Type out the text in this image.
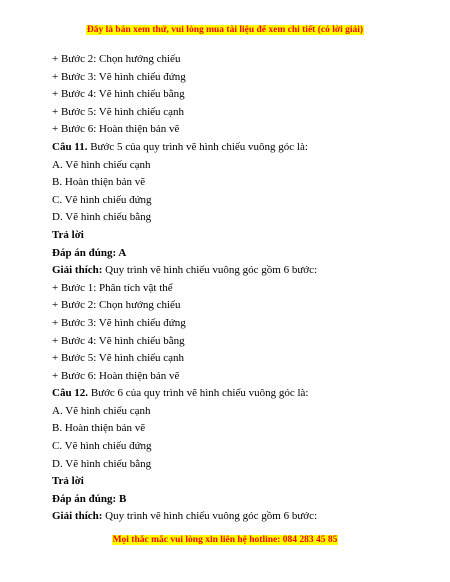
Đây là bản xem thử, vui lòng mua tài liệu để xem chi tiết (có lời giải)
+ Bước 2: Chọn hướng chiếu
+ Bước 3: Vẽ hình chiếu đứng
+ Bước 4: Vẽ hình chiếu bằng
+ Bước 5: Vẽ hình chiếu cạnh
+ Bước 6: Hoàn thiện bản vẽ
Câu 11. Bước 5 của quy trình vẽ hình chiếu vuông góc là:
A. Vẽ hình chiếu cạnh
B. Hoàn thiện bản vẽ
C. Vẽ hình chiếu đứng
D. Vẽ hình chiếu bằng
Trả lời
Đáp án đúng: A
Giải thích: Quy trình vẽ hình chiếu vuông góc gồm 6 bước:
+ Bước 1: Phân tích vật thể
+ Bước 2: Chọn hướng chiếu
+ Bước 3: Vẽ hình chiếu đứng
+ Bước 4: Vẽ hình chiếu bằng
+ Bước 5: Vẽ hình chiếu cạnh
+ Bước 6: Hoàn thiện bản vẽ
Câu 12. Bước 6 của quy trình vẽ hình chiếu vuông góc là:
A. Vẽ hình chiếu cạnh
B. Hoàn thiện bản vẽ
C. Vẽ hình chiếu đứng
D. Vẽ hình chiếu bằng
Trả lời
Đáp án đúng: B
Giải thích: Quy trình vẽ hình chiếu vuông góc gồm 6 bước:
Mọi thắc mắc vui lòng xin liên hệ hotline: 084 283 45 85
